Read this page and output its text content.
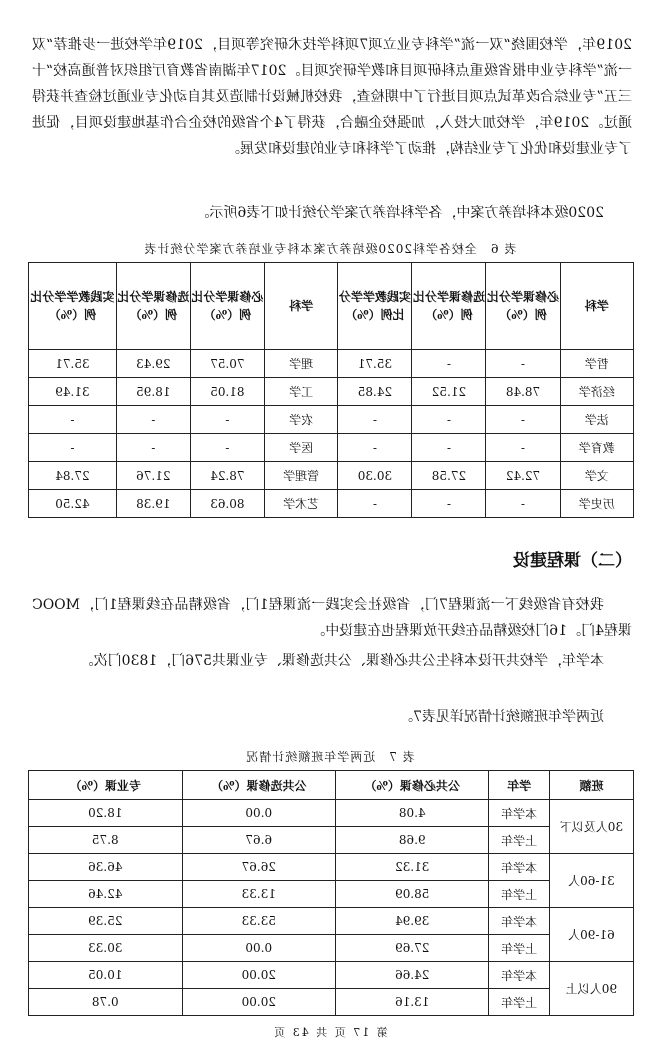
2019年，学校围绕“双一流”学科专业立项7项科学技术研究等项目，2019年学校进一步推荐“双一流”学科专业申报省级重点科研项目和教学研究项目。2017年湖南省教育厅组织对普通高校“十三五”专业综合改革试点项目进行了中期检查，我校机械设计制造及其自动化专业通过检查并获得通过。2019年，学校加大投入，加强校企融合，获得了4个省级的校企合作基地建设项目，促进了专业建设和优化了专业结构，推动了学科和专业的建设和发展。
2020级本科培养方案中，各学科培养方案学分统计如下表6所示。
表 6　全校各学科2020级培养方案本科专业培养方案学分统计表
学科	必修课学分比例（%）	选修课学分比例（%）	实践教学学分比例（%）	学科	必修课学分比例（%）	选修课学分比例（%）	实践教学学分比例（%）
哲学	-	-	35.71	理学	70.57	29.43	35.71
经济学	78.48	21.52	24.85	工学	81.05	18.95	31.49
法学	-	-	-	农学	-	-	-
教育学	-	-	-	医学	-	-	-
文学	72.42	27.58	30.30	管理学	78.24	21.76	27.84
历史学	-	-	-	艺术学	80.63	19.38	42.50
（二）课程建设
我校有省级线下一流课程7门，省级社会实践一流课程1门，省级精品在线课程1门，MOOC课程4门。16门校级精品在线开放课程也在建设中。
本学年，学校共开设本科生公共必修课、公共选修课、专业课共576门，1830门次。
近两学年班额统计情况详见表7。
表 7　近两学年班额统计情况
班额	学年	公共必修课（%）	公共选修课（%）	专业课（%）
30人及以下	本学年	4.08	0.00	18.20
	上学年	9.68	6.67	8.75
31-60人	本学年	31.32	26.67	46.36
	上学年	58.09	13.33	42.46
61-90人	本学年	39.94	53.33	25.39
	上学年	27.69	0.00	30.33
90人以上	本学年	24.66	20.00	10.05
	上学年	13.16	20.00	0.78
第 17 页 共 43 页
